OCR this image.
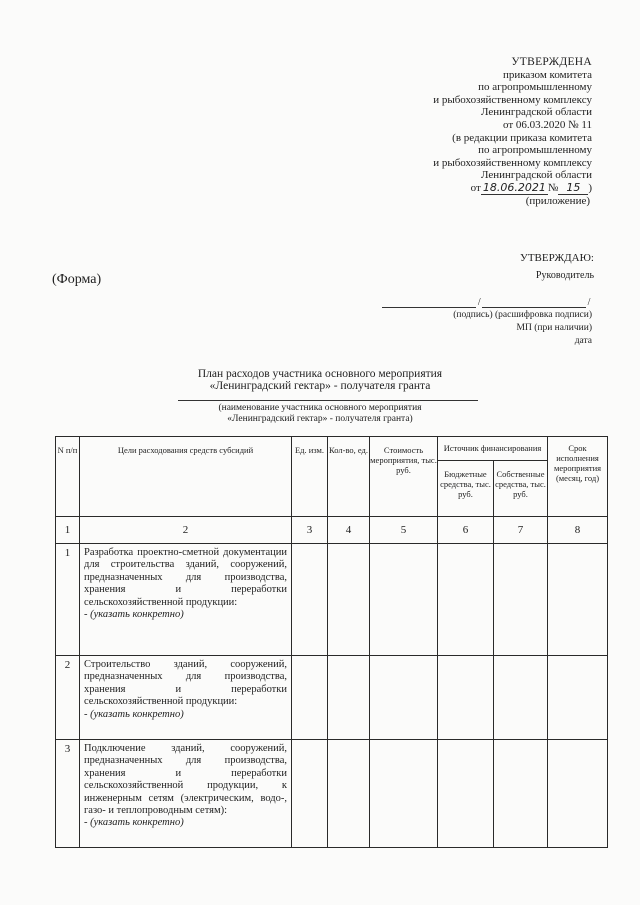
УТВЕРЖДЕНА
приказом комитета
по агропромышленному
и рыбохозяйственному комплексу
Ленинградской области
от 06.03.2020 № 11
(в редакции приказа комитета
по агропромышленному
и рыбохозяйственному комплексу
Ленинградской области
от 18.06.2021 № 15 )
(приложение)
(Форма)
УТВЕРЖДАЮ:
Руководитель
/	/
(подпись) (расшифровка подписи)
МП (при наличии)
дата
План расходов участника основного мероприятия
«Ленинградский гектар» - получателя гранта
(наименование участника основного мероприятия
«Ленинградский гектар» - получателя гранта)
N п/п	Цели расходования средств субсидий	Ед. изм.	Кол-во, ед.	Стоимость мероприятия, тыс. руб.	Источник финансирования		Срок исполнения мероприятия (месяц, год)
					Бюджетные средства, тыс. руб.	Собственные средства, тыс. руб.	
1	2	3	4	5	6	7	8
1	Разработка проектно-сметной документации для строительства зданий, сооружений, предназначенных для производства, хранения и переработки сельскохозяйственной продукции:
- (указать конкретно)						
2	Строительство зданий, сооружений, предназначенных для производства, хранения и переработки сельскохозяйственной продукции:
- (указать конкретно)						
3	Подключение зданий, сооружений, предназначенных для производства, хранения и переработки сельскохозяйственной продукции, к инженерным сетям (электрическим, водо-, газо- и теплопроводным сетям):
- (указать конкретно)						
